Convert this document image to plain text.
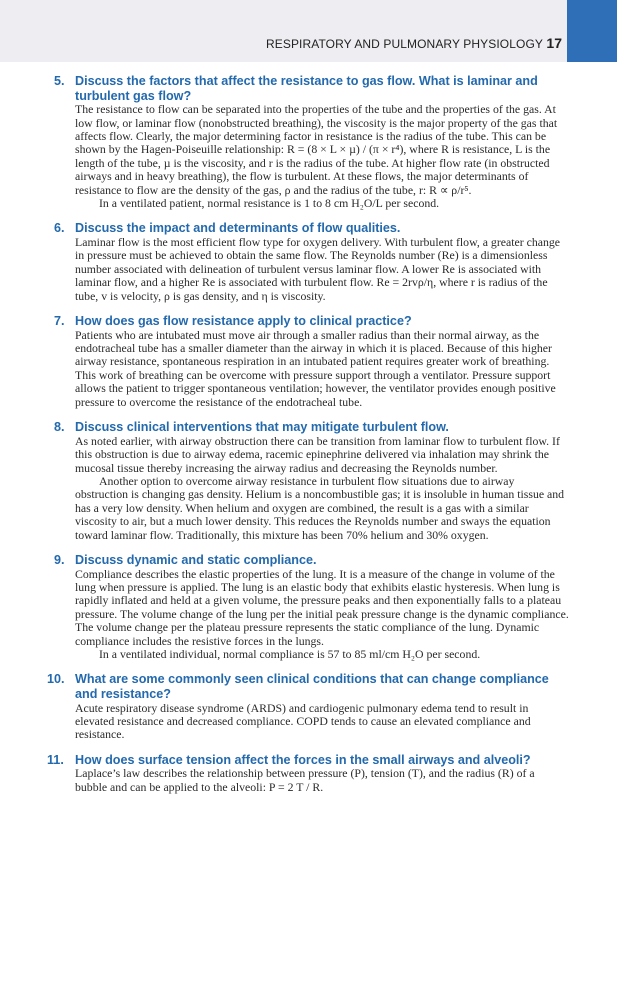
RESPIRATORY AND PULMONARY PHYSIOLOGY 17
5. Discuss the factors that affect the resistance to gas flow. What is laminar and turbulent gas flow?

The resistance to flow can be separated into the properties of the tube and the properties of the gas. At low flow, or laminar flow (nonobstructed breathing), the viscosity is the major property of the gas that affects flow. Clearly, the major determining factor in resistance is the radius of the tube. This can be shown by the Hagen-Poiseuille relationship: R = (8 × L × µ) / (π × r⁴), where R is resistance, L is the length of the tube, µ is the viscosity, and r is the radius of the tube. At higher flow rate (in obstructed airways and in heavy breathing), the flow is turbulent. At these flows, the major determinants of resistance to flow are the density of the gas, ρ and the radius of the tube, r: R ∝ ρ/r⁵.

In a ventilated patient, normal resistance is 1 to 8 cm H₂O/L per second.

6. Discuss the impact and determinants of flow qualities.

Laminar flow is the most efficient flow type for oxygen delivery. With turbulent flow, a greater change in pressure must be achieved to obtain the same flow. The Reynolds number (Re) is a dimensionless number associated with delineation of turbulent versus laminar flow. A lower Re is associated with laminar flow, and a higher Re is associated with turbulent flow. Re = 2rvρ/η, where r is radius of the tube, v is velocity, ρ is gas density, and η is viscosity.

7. How does gas flow resistance apply to clinical practice?

Patients who are intubated must move air through a smaller radius than their normal airway, as the endotracheal tube has a smaller diameter than the airway in which it is placed. Because of this higher airway resistance, spontaneous respiration in an intubated patient requires greater work of breathing. This work of breathing can be overcome with pressure support through a ventilator. Pressure support allows the patient to trigger spontaneous ventilation; however, the ventilator provides enough positive pressure to overcome the resistance of the endotracheal tube.

8. Discuss clinical interventions that may mitigate turbulent flow.

As noted earlier, with airway obstruction there can be transition from laminar flow to turbulent flow. If this obstruction is due to airway edema, racemic epinephrine delivered via inhalation may shrink the mucosal tissue thereby increasing the airway radius and decreasing the Reynolds number.

Another option to overcome airway resistance in turbulent flow situations due to airway obstruction is changing gas density. Helium is a noncombustible gas; it is insoluble in human tissue and has a very low density. When helium and oxygen are combined, the result is a gas with a similar viscosity to air, but a much lower density. This reduces the Reynolds number and sways the equation toward laminar flow. Traditionally, this mixture has been 70% helium and 30% oxygen.

9. Discuss dynamic and static compliance.

Compliance describes the elastic properties of the lung. It is a measure of the change in volume of the lung when pressure is applied. The lung is an elastic body that exhibits elastic hysteresis. When lung is rapidly inflated and held at a given volume, the pressure peaks and then exponentially falls to a plateau pressure. The volume change of the lung per the initial peak pressure change is the dynamic compliance. The volume change per the plateau pressure represents the static compliance of the lung. Dynamic compliance includes the resistive forces in the lungs.

In a ventilated individual, normal compliance is 57 to 85 ml/cm H₂O per second.

10. What are some commonly seen clinical conditions that can change compliance and resistance?

Acute respiratory disease syndrome (ARDS) and cardiogenic pulmonary edema tend to result in elevated resistance and decreased compliance. COPD tends to cause an elevated compliance and resistance.

11. How does surface tension affect the forces in the small airways and alveoli?

Laplace’s law describes the relationship between pressure (P), tension (T), and the radius (R) of a bubble and can be applied to the alveoli: P = 2 T / R.
